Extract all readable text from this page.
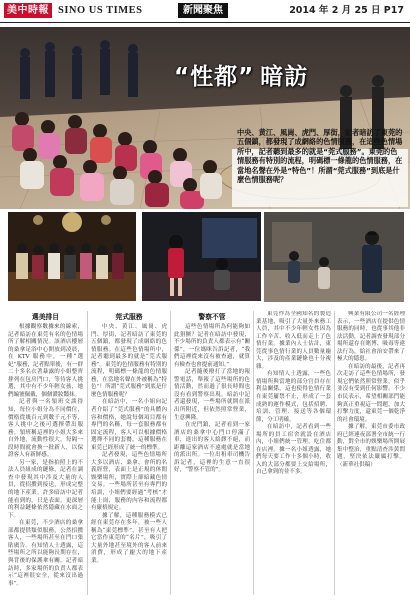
美中時報 SINO US TIMES	新聞聚焦	2014 年 2 月 25 日 P17
“性都” 暗訪
中央、黄江、風崗、虎門、厚街，記者暗訪了東莞的五個鎮，都發現了成網絡的色情服務，在這些色情場所中，記者聽到最多的就是“莞式服務”。東莞的色情服務有特別的流程，明碼標一條龍的色情服務，在當地名聲在外是“特色”！所謂“莞式服務”到底是什麼色情服務呢？
選美排目
根據觀察數據來的線索，記者暗訪在東莞有名的色情場所了解相關情況。該酒店樓層的桑拿足浴中心開放到凌晨，在 KTV 服務中，一種“選妃”服務，記者點單後，有一群二十多名衣著暴露的小姐整齊排列在包房門口，等待客人挑選，其中有不少年輕女孩，她們編號佩戴，個個濃妝豔抹。
記者與一名領班交談得知，每位小姐分為不同價位，價格從幾百元到數千元不等，客人挑中之後可選擇帶出服務。領班稱這裡的小姐大多來自外地，流動性很大，每隔一段時間就會換一批新人，以保證客人有新鮮感。
另一家，是指拍照上的不法人員組成的鏈條，記者在調查中發現其中涉及大量的人員，從招攬到接送，形成完整的地下產業。許多暗訪中記者能看到的，只是表面，更深層的利益鏈條依然隱藏在水面之下。
在東莞，不少酒店的桑拿部都提供類似服務，公然招攬客人，一些場所甚至在門口張貼廣告。有知情人士透露，這些場所之所以能夠長期存在，與背後的保護傘有關。記者暗訪時，多家場所的負責人都表示“這裡很安全，從來沒出過事”。
莞式服務
中央、黄江、風崗、虎門、厚街，記者暗訪了東莞的五個鎮，都發現了成網絡的色情服務。在這些色情場所中，記者聽到最多的就是“莞式服務”。東莞的色情服務有特別的流程，明碼標一條龍的色情服務，在當地名聲在外被稱為“特色”！所謂“莞式服務”到底是什麼色情服務呢？
在暗訪中，一名小姐向記者介紹了“莞式服務”的具體內容和價格，她說每個項目都有專門的名稱，每一套服務都有固定流程，客人可以根據價格選擇不同的套餐，這種服務在東莞已經形成了統一的標準。
記者發現，這些色情場所大多以酒店、桑拿、會所的名義經營，表面上是正規的休閒娛樂場所，實際上卻暗藏色情交易。一些場所甚至有專門的培訓，小姐們要經過“考核”才能上崗，服務的內容和流程都有嚴格規定。
據了解，這種服務模式已經在東莞存在多年，被一些人稱為“東莞標準”，甚至有人把它當作東莞的“名片”，吸引了大量外地甚至境外的客人前來消費，形成了龐大的地下產業。
警察不管
這些色情場所為何能夠如此猖獗？記者在暗訪中發現，不少場所的負責人都表示有“關係”，一位媽咪告訴記者，“我們這裡從來沒有被查過，就算有檢查也會提前通知。”
記者隨後撥打了當地的報警電話，舉報了這些場所的色情活動，然而過了很長時間也沒有看到警察出現。暗訪中記者還發現，一些場所就開在派出所附近，但依然照常營業，生意興隆。
在虎門鎮，記者看到一家酒店的桑拿中心門口停滿了車，進出的客人絡繹不絕，而距離這家酒店不遠處就是當地的派出所。一位出租車司機告訴記者，這裡的生意一直很好，“警察不管的”。
東莞作為全國知名的製造業基地，吸引了大量外來務工人員，其中不少年輕女性因為工作辛苦、收入低而走上了色情行業。據業內人士估計，東莞從事色情行業的人員數量龐大，涉及的產業鏈條也十分複雜。
有知情人士透露，一些色情場所與當地的部分官員存在利益關係，這也使得色情行業在東莞屢禁不止，形成了一套成熟的運作模式，包括招聘、培訓、管理、接送等各個環節，分工明確。
在暗訪中，記者看到一些場所的員工宿舍就設在酒店內，小姐們統一管理，吃住都在店裡。據一名小姐透露，她們每天要工作十多個小時，收入的大部分都要上交給場所，自己拿到的並不多。
興業有限公司一名經理表示，一些酒店在提供色情服務的同時，也從事其他非法活動，記者調查發現部分場所還存在賭博、吸毒等違法行為，給社會治安帶來了極大的隱患。
在暗訪的最後，記者再次走訪了這些色情場所，發現它們依然照常營業，似乎並沒有受到任何影響。不少市民表示，希望相關部門能夠真正重視這一問題，加大打擊力度，還東莞一個乾淨的社會環境。
據了解，東莞市委市政府已經連夜部署全市統一行動，對全市的娛樂場所開展集中整治，重點清查涉黃問題，堅決依法嚴厲打擊。（新華社供稿）
